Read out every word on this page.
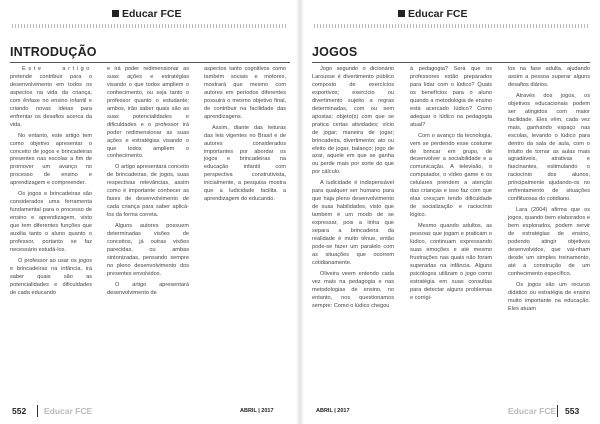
Educar FCE
INTRODUÇÃO

Este artigo pretende contribuir para o desenvolvimento em todos os aspectos na vida da criança, com ênfase no ensino infantil e criando novas ideias para enfrentar os desafios acerca da vida.

No entanto, este artigo tem como objetivo apresentar o conceito de jogos e brincadeiras presentes nas escolas a fim de promover um avanço no processo de ensino e aprendizagem e compreender.

Os jogos e brincadeiras são considerados uma ferramenta fundamental para o processo de ensino e aprendizagem, visto que tem diferentes funções que auxilia tanto o aluno quanto o professor, portanto se faz necessário estudá-los.

O professor ao usar os jogos e brincadeiras na infância, irá saber quais são as potencialidades e dificuldades de cada educando

e irá poder redimensionar as suas ações e estratégias visando o que todos ampliem o conhecimento, ou seja tanto o professor quanto o estudante; ambos, irão saber quais são as suas potencialidades e dificuldades e o professor irá poder redimensionar as suas ações e estratégias visando o que todos ampliem o conhecimento.

O artigo apresentará conceito de brincadeiras, de jogos, suas respectivas relevâncias, assim como é importante conhecer as fases de desenvolvimento de cada criança para saber aplicá-los da forma correta.

Alguns autores possuem determinadas visões de conceitos, já outras visões parecidas, ou ambas sintonizadas, pensando sempre no pleno desenvolvimento dos presentes envolvidos.

O artigo apresentará desenvolvimento de

aspectos tanto cognitivos como também sociais e motores, mostrará que mesmo com autores em períodos diferentes possuirá o mesmo objetivo final, de contribuir na facilidade das aprendizagens.

Assim, diante das leituras das leis vigentes no Brasil e de autores considerados importantes por abordar os jogos e brincadeiras na educação infantil com perspectiva construtivista, inicialmente, a pesquisa mostra que a ludicidade facilita a aprendizagem do educando.

552 Educar FCE	ABRIL | 2017
Educar FCE
JOGOS

Jogo segundo o dicionário Larousse é divertimento público composto de exercícios esportivos; exercício ou divertimento sujeito a regras determinadas, com ou sem apostas; objeto(s) com que se pratica certas atividades; vício de jogar; maneira de jogar; brincadeira, divertimento; ato ou efeito de jogar, balanço; jogo de azar, aquele em que se ganha ou perde mais por sorte do que por cálculo.

A ludicidade é indispensável para qualquer ser humano para que haja pleno desenvolvimento de suas habilidades, visto que também é um modo de se expressar, pois a linha que separa a brincadeira da realidade é muito tênue, então pode-se fazer um paralelo com as situações que ocorrem cotidianamente.

Oliveira veem entendo cada vez mais na pedagogia e nas metodologias de ensino, no entanto, nos questionamos sempre: Como o lúdico chegou

à pedagogia? Será que os professores estão preparados para lidar com o lúdico? Quais os benefícios para o aluno quando a metodologia de ensino está acercado lúdico? Como adequar o lúdico na pedagogia atual?

Com o avanço da tecnologia, vem se perdendo esse costume de brincar em grupo, de desenvolver a sociabilidade e a comunicação. A televisão, o computador, o vídeo game e os celulares prendem a atenção das crianças e isso faz com que elas cresçam tendo dificuldade de socialização e raciocínio lógico.

Mesmo quando adultos, as pessoas que jogam e praticam o lúdico, continuam expressando suas emoções e até mesmo frustrações nas quais não foram superadas na infância. Alguns psicólogos utilizam o jogo como estratégia em suas consultas para detectar alguns problemas e corrigi-

los na fase adulta, ajudando assim a pessoa superar alguns desafios diários.

Através dos jogos, os objetivos educacionais podem ser atingidos com maior facilidade. Eles vêm, cada vez mais, ganhando espaço nas escolas, levando o lúdico para dentro da sala de aula, com o intuito de tornar as aulas mais agradáveis, atrativas e fascinantes, estimulando o raciocínio dos alunos, principalmente ajudando-os no enfrentamento de situações conflituosas do cotidiano.

Lara (2004) afirma que os jogos, quando bem elaborados e bem explorados, podem servir de estratégias de ensino, podendo atingir objetivos desenvolvidos, que vai-nham desde um simples treinamento, até a construção de um conhecimento específico.

Os jogos são um recurso didático ou estratégia de ensino muito importante na educação. Eles atuam

ABRIL | 2017	Educar FCE 553
